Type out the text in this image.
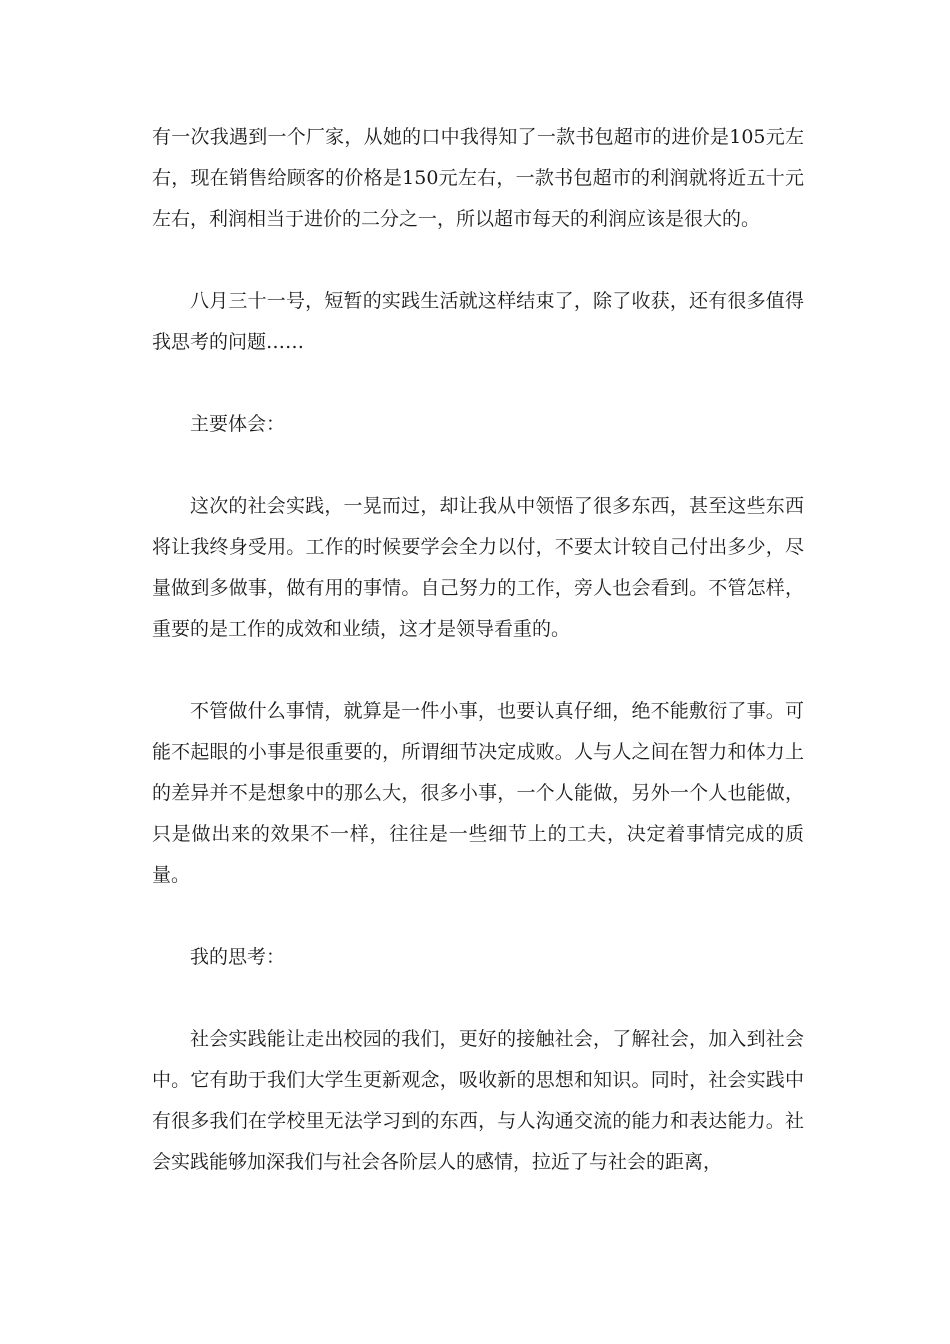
有一次我遇到一个厂家，从她的口中我得知了一款书包超市的进价是105元左右，现在销售给顾客的价格是150元左右，一款书包超市的利润就将近五十元左右，利润相当于进价的二分之一，所以超市每天的利润应该是很大的。

八月三十一号，短暂的实践生活就这样结束了，除了收获，还有很多值得我思考的问题……

主要体会：

这次的社会实践，一晃而过，却让我从中领悟了很多东西，甚至这些东西将让我终身受用。工作的时候要学会全力以付，不要太计较自己付出多少，尽量做到多做事，做有用的事情。自己努力的工作，旁人也会看到。不管怎样，重要的是工作的成效和业绩，这才是领导看重的。

不管做什么事情，就算是一件小事，也要认真仔细，绝不能敷衍了事。可能不起眼的小事是很重要的，所谓细节决定成败。人与人之间在智力和体力上的差异并不是想象中的那么大，很多小事，一个人能做，另外一个人也能做，只是做出来的效果不一样，往往是一些细节上的工夫，决定着事情完成的质量。

我的思考：

社会实践能让走出校园的我们，更好的接触社会，了解社会，加入到社会中。它有助于我们大学生更新观念，吸收新的思想和知识。同时，社会实践中有很多我们在学校里无法学习到的东西，与人沟通交流的能力和表达能力。社会实践能够加深我们与社会各阶层人的感情，拉近了与社会的距离，
